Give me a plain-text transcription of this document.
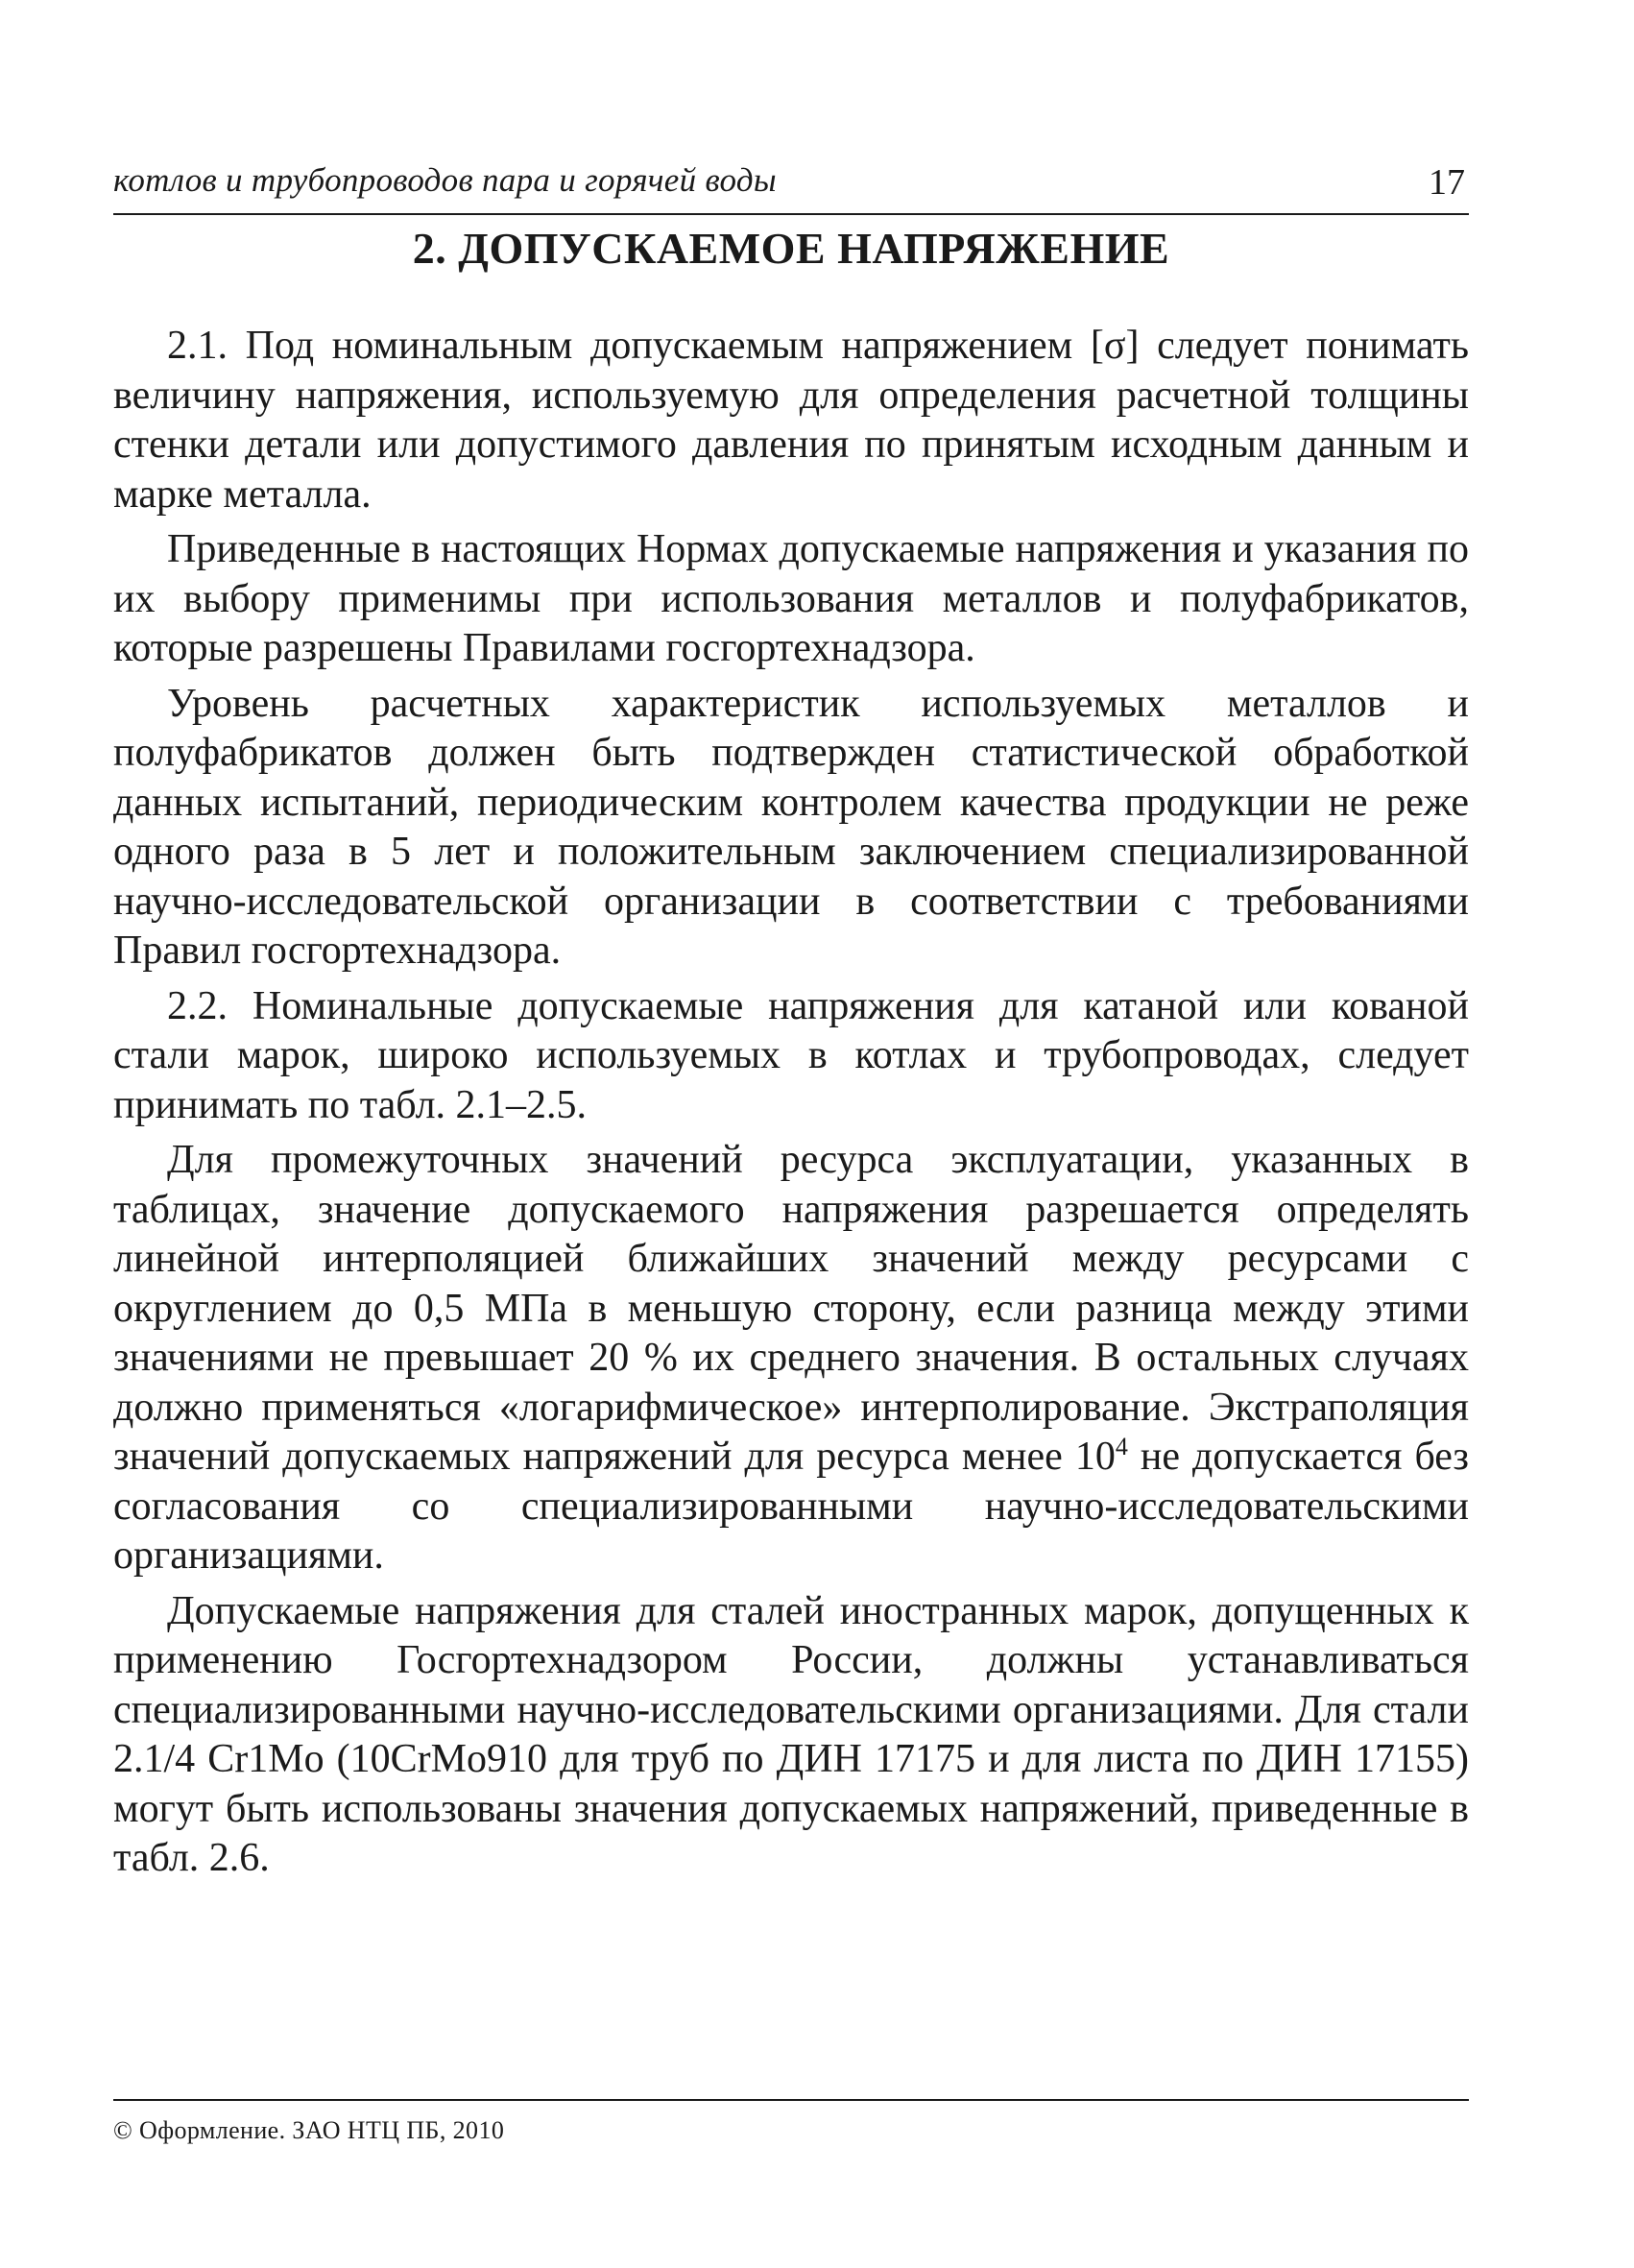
котлов и трубопроводов пара и горячей воды	17
2. ДОПУСКАЕМОЕ НАПРЯЖЕНИЕ

2.1. Под номинальным допускаемым напряжением [σ] следует понимать величину напряжения, используемую для определения расчетной толщины стенки детали или допустимого давления по принятым исходным данным и марке металла.

Приведенные в настоящих Нормах допускаемые напряжения и указания по их выбору применимы при использования металлов и полуфабрикатов, которые разрешены Правилами госгортехнадзора.

Уровень расчетных характеристик используемых металлов и полуфабрикатов должен быть подтвержден статистической обработкой данных испытаний, периодическим контролем качества продукции не реже одного раза в 5 лет и положительным заключением специализированной научно-исследовательской организации в соответствии с требованиями Правил госгортехнадзора.

2.2. Номинальные допускаемые напряжения для катаной или кованой стали марок, широко используемых в котлах и трубопроводах, следует принимать по табл. 2.1–2.5.

Для промежуточных значений ресурса эксплуатации, указанных в таблицах, значение допускаемого напряжения разрешается определять линейной интерполяцией ближайших значений между ресурсами с округлением до 0,5 МПа в меньшую сторону, если разница между этими значениями не превышает 20 % их среднего значения. В остальных случаях должно применяться «логарифмическое» интерполирование. Экстраполяция значений допускаемых напряжений для ресурса менее $10^4$ не допускается без согласования со специализированными научно-исследовательскими организациями.

Допускаемые напряжения для сталей иностранных марок, допущенных к применению Госгортехнадзором России, должны устанавливаться специализированными научно-исследовательскими организациями. Для стали 2.1/4 Cr1Mo (10CrMo910 для труб по ДИН 17175 и для листа по ДИН 17155) могут быть использованы значения допускаемых напряжений, приведенные в табл. 2.6.

© Оформление. ЗАО НТЦ ПБ, 2010
